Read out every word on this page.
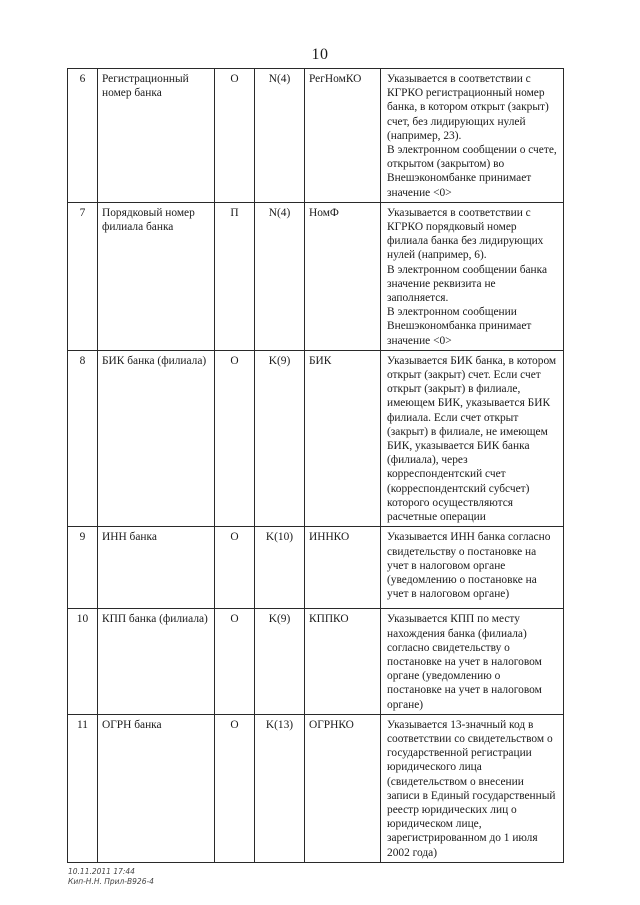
10
6	Регистрационный номер банка	О	N(4)	РегНомКО	Указывается в соответствии с КГРКО регистрационный номер банка, в котором открыт (закрыт) счет, без лидирующих нулей (например, 23).
В электронном сообщении о счете, открытом (закрытом) во Внешэкономбанке принимает значение <0>

7	Порядковый номер филиала банка	П	N(4)	НомФ	Указывается в соответствии с КГРКО порядковый номер филиала банка без лидирующих нулей (например, 6).
В электронном сообщении банка значение реквизита не заполняется.
В электронном сообщении Внешэкономбанка принимает значение <0>

8	БИК банка (филиала)	О	K(9)	БИК	Указывается БИК банка, в котором открыт (закрыт) счет. Если счет открыт (закрыт) в филиале, имеющем БИК, указывается БИК филиала. Если счет открыт (закрыт) в филиале, не имеющем БИК, указывается БИК банка (филиала), через корреспондентский счет (корреспондентский субсчет) которого осуществляются расчетные операции

9	ИНН банка	О	K(10)	ИННКО	Указывается ИНН банка согласно свидетельству о постановке на учет в налоговом органе (уведомлению о постановке на учет в налоговом органе)

10	КПП банка (филиала)	О	K(9)	КППКО	Указывается КПП по месту нахождения банка (филиала) согласно свидетельству о постановке на учет в налоговом органе (уведомлению о постановке на учет в налоговом органе)

11	ОГРН банка	О	K(13)	ОГРНКО	Указывается 13-значный код в соответствии со свидетельством о государственной регистрации юридического лица (свидетельством о внесении записи в Единый государственный реестр юридических лиц о юридическом лице, зарегистрированном до 1 июля 2002 года)
10.11.2011 17:44
Кип-Н.Н. Прил-В926-4
